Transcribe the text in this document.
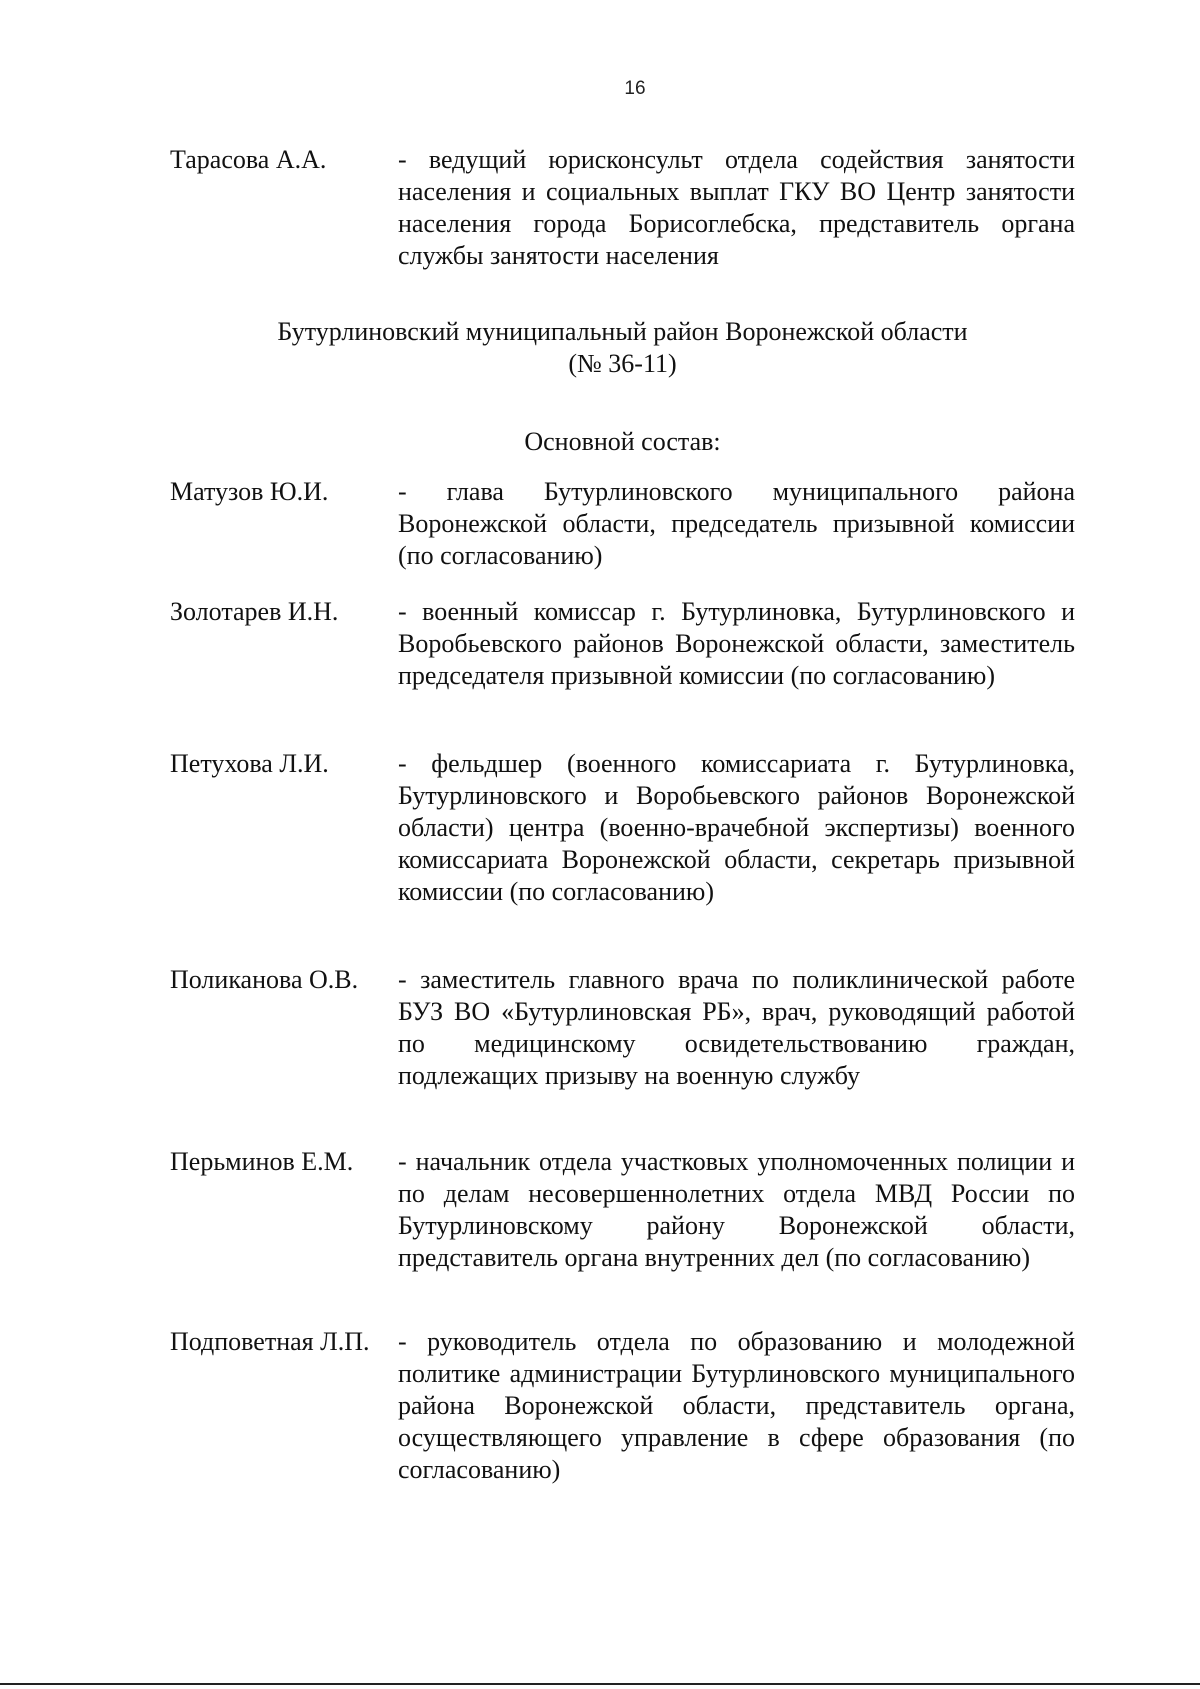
16
Тарасова А.А.	- ведущий юрисконсульт отдела содействия занятости населения и социальных выплат ГКУ ВО Центр занятости населения города Борисоглебска, представитель органа службы занятости населения
Бутурлиновский муниципальный район Воронежской области
(№ 36-11)
Основной состав:
Матузов Ю.И.	- глава Бутурлиновского муниципального района Воронежской области, председатель призывной комиссии (по согласованию)
Золотарев И.Н. - военный комиссар г. Бутурлиновка, Бутурлиновского и Воробьевского районов Воронежской области, заместитель председателя призывной комиссии (по согласованию)
Петухова Л.И.	- фельдшер (военного комиссариата г. Бутурлиновка, Бутурлиновского и Воробьевского районов Воронежской области) центра (военно-врачебной экспертизы) военного комиссариата Воронежской области, секретарь призывной комиссии (по согласованию)
Поликанова О.В. - заместитель главного врача по поликлинической работе БУЗ ВО «Бутурлиновская РБ», врач, руководящий работой по медицинскому освидетельствованию граждан, подлежащих призыву на военную службу
Перьминов Е.М. - начальник отдела участковых уполномоченных полиции и по делам несовершеннолетних отдела МВД России по Бутурлиновскому району Воронежской области, представитель органа внутренних дел (по согласованию)
Подповетная Л.П. - руководитель отдела по образованию и молодежной политике администрации Бутурлиновского муниципального района Воронежской области, представитель органа, осуществляющего управление в сфере образования (по согласованию)
